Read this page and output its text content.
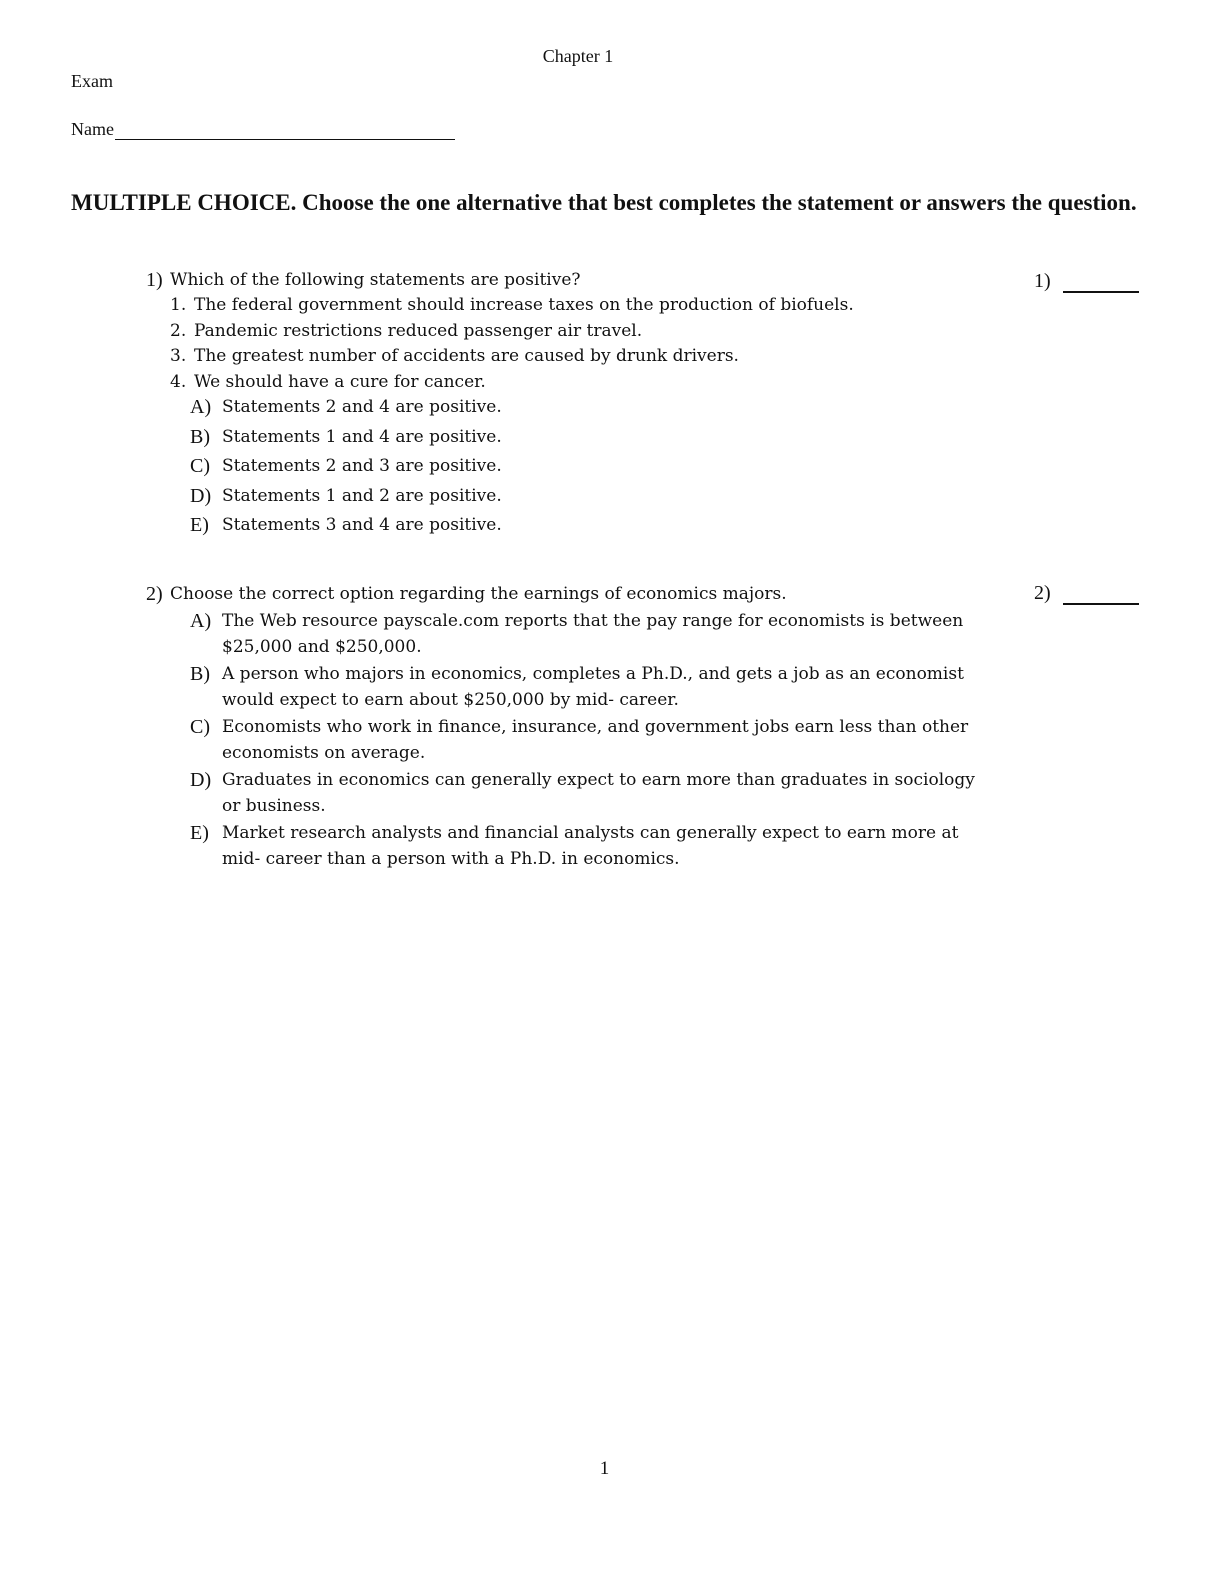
Chapter 1
Exam
Name
MULTIPLE CHOICE. Choose the one alternative that best completes the statement or answers the question.
1) Which of the following statements are positive?
1. The federal government should increase taxes on the production of biofuels.
2. Pandemic restrictions reduced passenger air travel.
3. The greatest number of accidents are caused by drunk drivers.
4. We should have a cure for cancer.
A) Statements 2 and 4 are positive.
B) Statements 1 and 4 are positive.
C) Statements 2 and 3 are positive.
D) Statements 1 and 2 are positive.
E) Statements 3 and 4 are positive.
1)
2) Choose the correct option regarding the earnings of economics majors.
A) The Web resource payscale.com reports that the pay range for economists is between $25,000 and $250,000.
B) A person who majors in economics, completes a Ph.D., and gets a job as an economist would expect to earn about $250,000 by mid- career.
C) Economists who work in finance, insurance, and government jobs earn less than other economists on average.
D) Graduates in economics can generally expect to earn more than graduates in sociology or business.
E) Market research analysts and financial analysts can generally expect to earn more at mid- career than a person with a Ph.D. in economics.
2)
1
